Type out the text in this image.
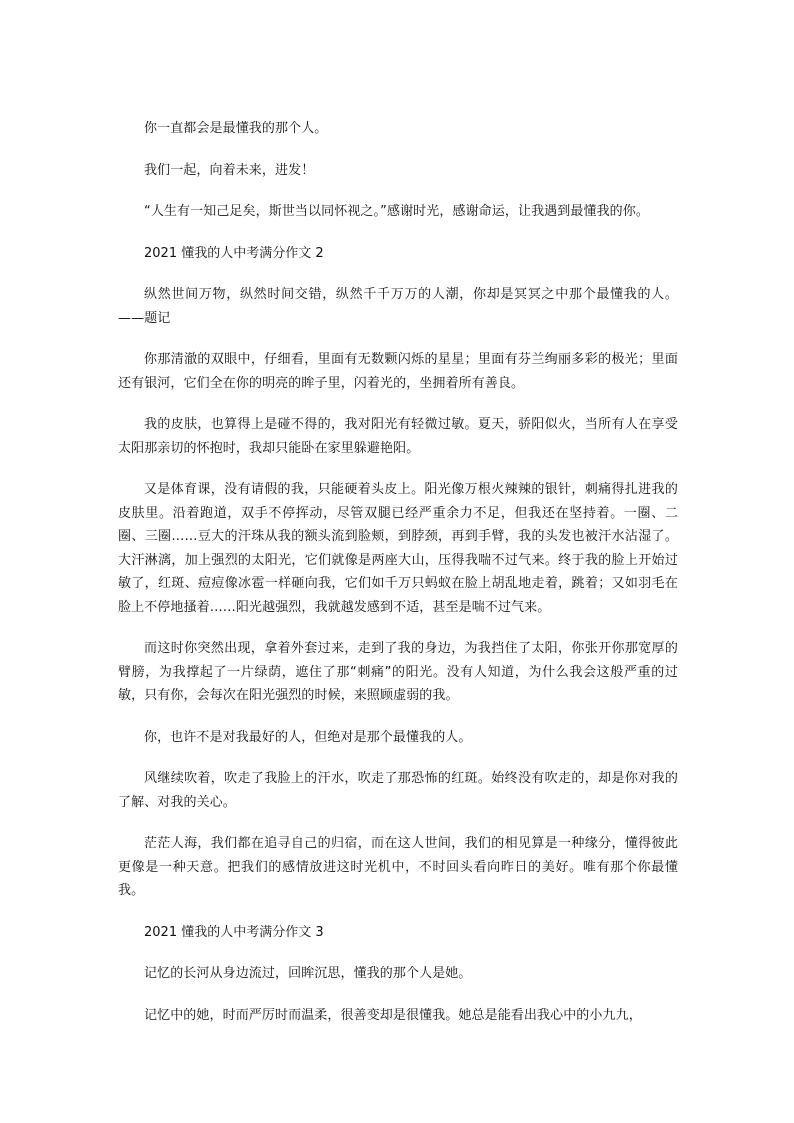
你一直都会是最懂我的那个人。

我们一起，向着未来，进发！

“人生有一知己足矣，斯世当以同怀视之。”感谢时光，感谢命运，让我遇到最懂我的你。

2021 懂我的人中考满分作文 2

纵然世间万物，纵然时间交错，纵然千千万万的人潮，你却是冥冥之中那个最懂我的人。——题记

你那清澈的双眼中，仔细看，里面有无数颗闪烁的星星；里面有芬兰绚丽多彩的极光；里面还有银河，它们全在你的明亮的眸子里，闪着光的，坐拥着所有善良。

我的皮肤，也算得上是碰不得的，我对阳光有轻微过敏。夏天，骄阳似火，当所有人在享受太阳那亲切的怀抱时，我却只能卧在家里躲避艳阳。

又是体育课，没有请假的我，只能硬着头皮上。阳光像万根火辣辣的银针，刺痛得扎进我的皮肤里。沿着跑道，双手不停挥动，尽管双腿已经严重余力不足，但我还在坚持着。一圈、二圈、三圈……豆大的汗珠从我的额头流到脸颊，到脖颈，再到手臂，我的头发也被汗水沾湿了。大汗淋漓，加上强烈的太阳光，它们就像是两座大山，压得我喘不过气来。终于我的脸上开始过敏了，红斑、痘痘像冰雹一样砸向我，它们如千万只蚂蚁在脸上胡乱地走着，跳着；又如羽毛在脸上不停地搔着……阳光越强烈，我就越发感到不适，甚至是喘不过气来。

而这时你突然出现，拿着外套过来，走到了我的身边，为我挡住了太阳，你张开你那宽厚的臂膀，为我撑起了一片绿荫，遮住了那“刺痛”的阳光。没有人知道，为什么我会这般严重的过敏，只有你，会每次在阳光强烈的时候，来照顾虚弱的我。

你，也许不是对我最好的人，但绝对是那个最懂我的人。

风继续吹着，吹走了我脸上的汗水，吹走了那恐怖的红斑。始终没有吹走的，却是你对我的了解、对我的关心。

茫茫人海，我们都在追寻自己的归宿，而在这人世间，我们的相见算是一种缘分，懂得彼此更像是一种天意。把我们的感情放进这时光机中，不时回头看向昨日的美好。唯有那个你最懂我。

2021 懂我的人中考满分作文 3

记忆的长河从身边流过，回眸沉思，懂我的那个人是她。

记忆中的她，时而严厉时而温柔，很善变却是很懂我。她总是能看出我心中的小九九，
